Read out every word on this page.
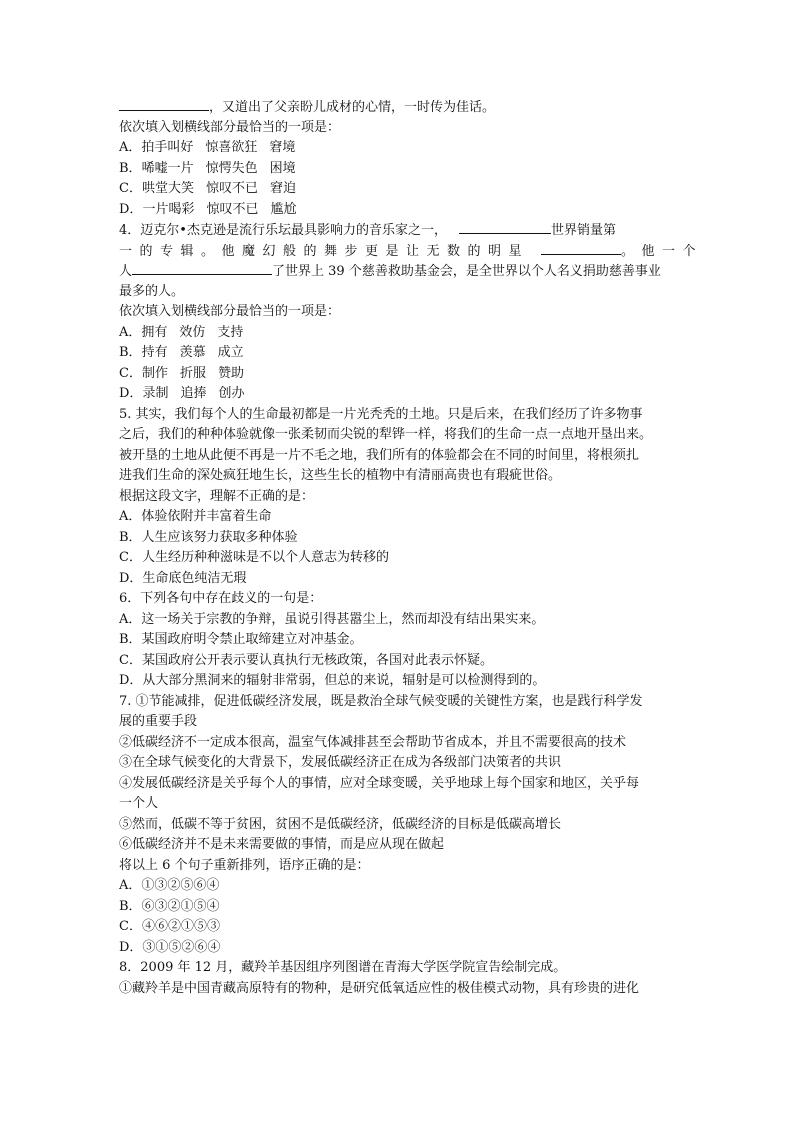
，又道出了父亲盼儿成材的心情，一时传为佳话。
依次填入划横线部分最恰当的一项是：
A．拍手叫好 惊喜欲狂 窘境
B．唏嘘一片 惊愕失色 困境
C．哄堂大笑 惊叹不已 窘迫
D．一片喝彩 惊叹不已 尴尬
4．迈克尔•杰克逊是流行乐坛最具影响力的音乐家之一，	世界销量第
一的专辑。他魔幻般的舞步更是让无数的明星	。他一个
人	了世界上 39 个慈善救助基金会，是全世界以个人名义捐助慈善事业
最多的人。
依次填入划横线部分最恰当的一项是：
A．拥有 效仿 支持
B．持有 羡慕 成立
C．制作 折服 赞助
D．录制 追捧 创办
5. 其实，我们每个人的生命最初都是一片光秃秃的土地。只是后来，在我们经历了许多物事
之后，我们的种种体验就像一张柔韧而尖锐的犁铧一样，将我们的生命一点一点地开垦出来。
被开垦的土地从此便不再是一片不毛之地，我们所有的体验都会在不同的时间里，将根须扎
进我们生命的深处疯狂地生长，这些生长的植物中有清丽高贵也有瑕疵世俗。
根据这段文字，理解不正确的是：
A．体验依附并丰富着生命
B．人生应该努力获取多种体验
C．人生经历种种滋味是不以个人意志为转移的
D．生命底色纯洁无瑕
6．下列各句中存在歧义的一句是：
A．这一场关于宗教的争辩，虽说引得甚嚣尘上，然而却没有结出果实来。
B．某国政府明令禁止取缔建立对冲基金。
C．某国政府公开表示要认真执行无核政策，各国对此表示怀疑。
D．从大部分黑洞来的辐射非常弱，但总的来说，辐射是可以检测得到的。
7. ①节能减排，促进低碳经济发展，既是救治全球气候变暖的关键性方案，也是践行科学发
展的重要手段
②低碳经济不一定成本很高，温室气体减排甚至会帮助节省成本，并且不需要很高的技术
③在全球气候变化的大背景下，发展低碳经济正在成为各级部门决策者的共识
④发展低碳经济是关乎每个人的事情，应对全球变暖，关乎地球上每个国家和地区，关乎每
一个人
⑤然而，低碳不等于贫困，贫困不是低碳经济，低碳经济的目标是低碳高增长
⑥低碳经济并不是未来需要做的事情，而是应从现在做起
将以上 6 个句子重新排列，语序正确的是：
A．①③②⑤⑥④
B．⑥③②①⑤④
C．④⑥②①⑤③
D．③①⑤②⑥④
8．2009 年 12 月，藏羚羊基因组序列图谱在青海大学医学院宣告绘制完成。
①藏羚羊是中国青藏高原特有的物种，是研究低氧适应性的极佳模式动物，具有珍贵的进化
